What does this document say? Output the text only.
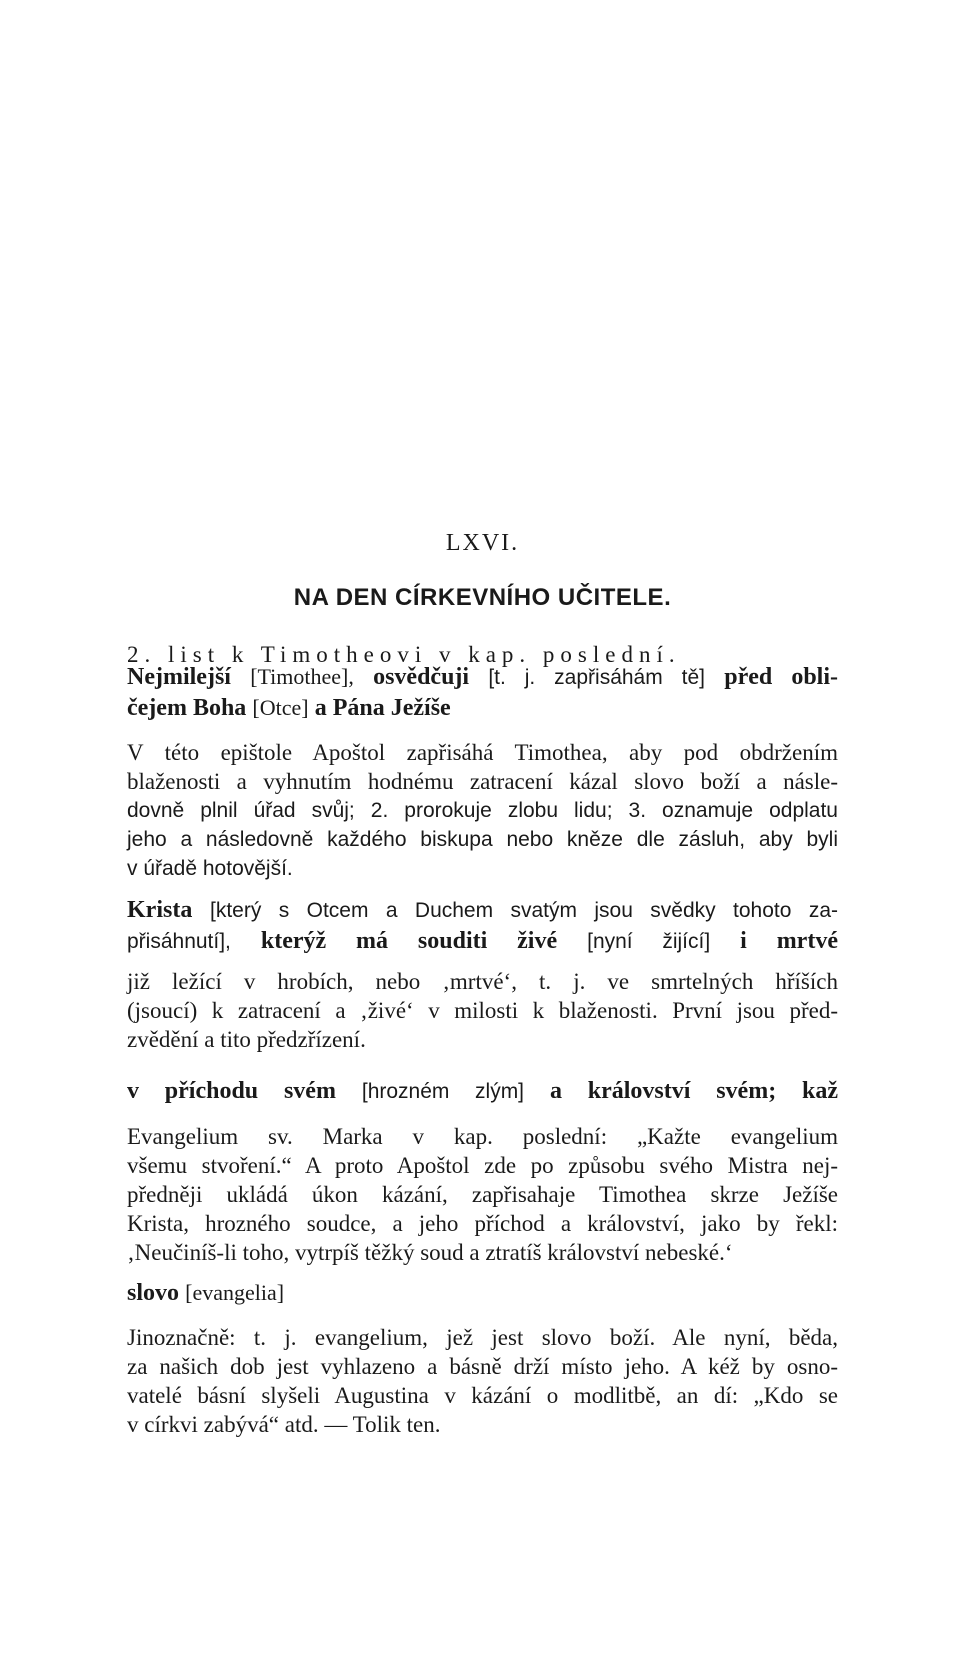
LXVI.
NA DEN CÍRKEVNÍHO UČITELE.
2. list k Timotheovi v kap. poslední.
Nejmilejší [Timothee], osvědčuji [t. j. zapřisáhám tě] před obli-
čejem Boha [Otce] a Pána Ježíše
V této epištole Apoštol zapřisáhá Timothea, aby pod obdržením
blaženosti a vyhnutím hodnému zatracení kázal slovo boží a násle-
dovně plnil úřad svůj; 2. prorokuje zlobu lidu; 3. oznamuje odplatu
jeho a následovně každého biskupa nebo kněze dle zásluh, aby byli
v úřadě hotovější.
Krista [který s Otcem a Duchem svatým jsou svědky tohoto za-
přisáhnutí], kterýž má souditi živé [nyní žijící] i mrtvé
již ležící v hrobích, nebo ‚mrtvé‘, t. j. ve smrtelných hříších
(jsoucí) k zatracení a ‚živé‘ v milosti k blaženosti. První jsou před-
zvědění a tito předzřízení.
v příchodu svém [hrozném zlým] a království svém; kaž
Evangelium sv. Marka v kap. poslední: „Kažte evangelium
všemu stvoření.“ A proto Apoštol zde po způsobu svého Mistra nej-
předněji ukládá úkon kázání, zapřisahaje Timothea skrze Ježíše
Krista, hrozného soudce, a jeho příchod a království, jako by řekl:
‚Neučiníš-li toho, vytrpíš těžký soud a ztratíš království nebeské.‘
slovo [evangelia]
Jinoznačně: t. j. evangelium, jež jest slovo boží. Ale nyní, běda,
za našich dob jest vyhlazeno a básně drží místo jeho. A kéž by osno-
vatelé básní slyšeli Augustina v kázání o modlitbě, an dí: „Kdo se
v církvi zabývá“ atd. — Tolik ten.
